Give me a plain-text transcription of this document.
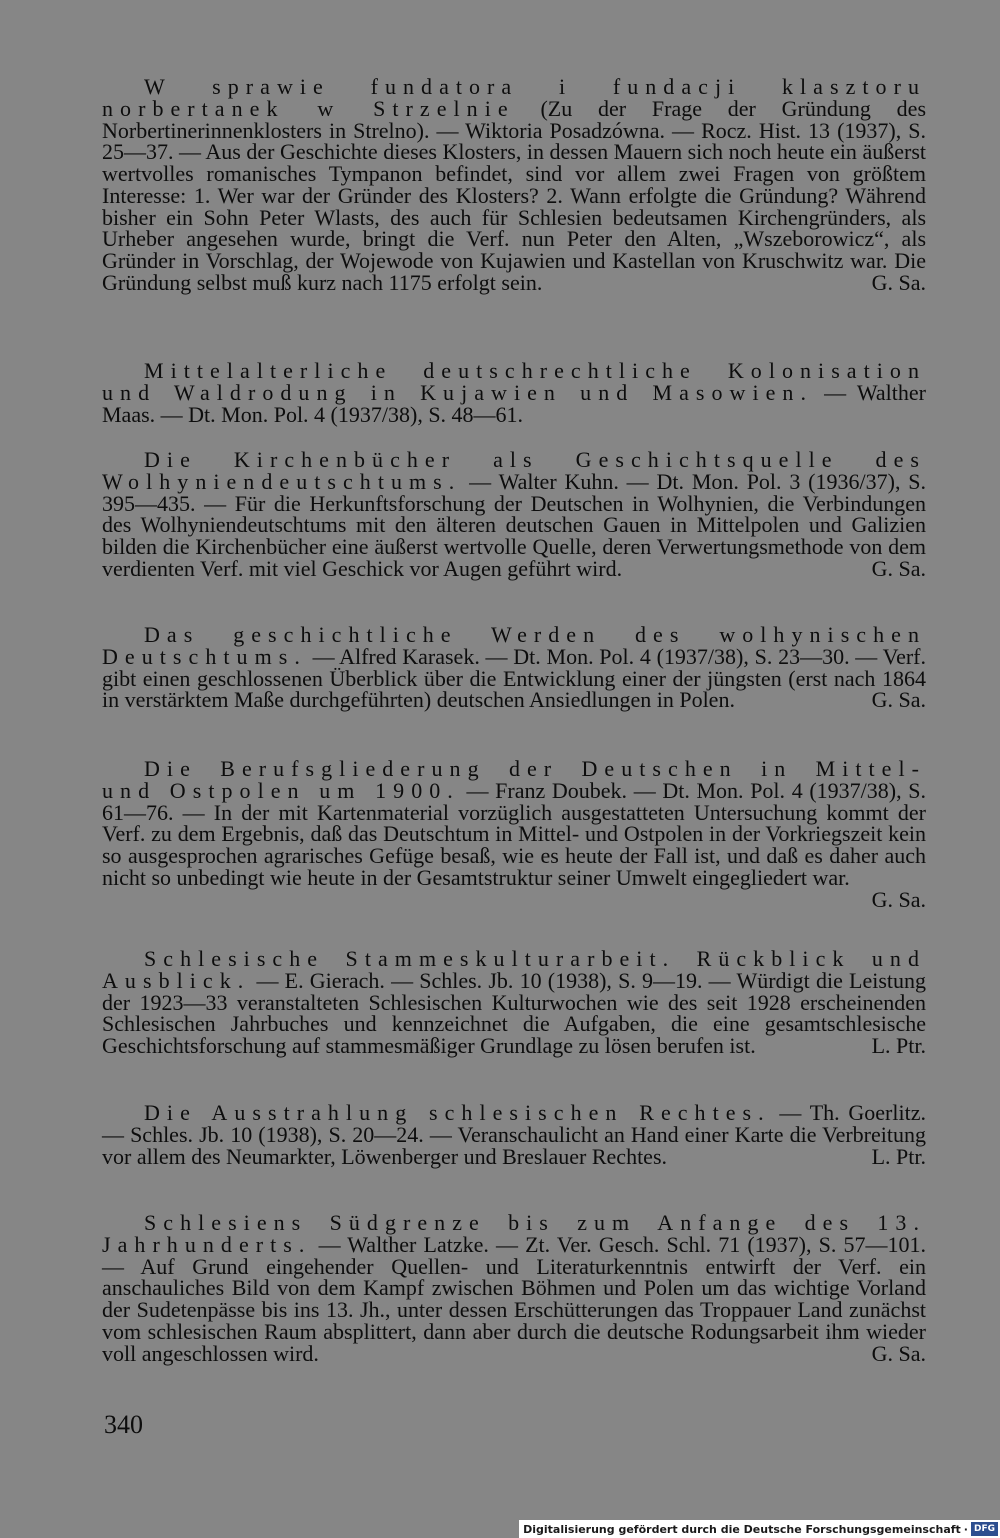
W sprawie fundatora i fundacji klasztoru norbertanek w Strzelnie (Zu der Frage der Gründung des Norbertinerinnenklosters in Strelno). — Wiktoria Posadzówna. — Rocz. Hist. 13 (1937), S. 25—37. — Aus der Geschichte dieses Klosters, in dessen Mauern sich noch heute ein äußerst wertvolles romanisches Tympanon befindet, sind vor allem zwei Fragen von größtem Interesse: 1. Wer war der Gründer des Klosters? 2. Wann erfolgte die Gründung? Während bisher ein Sohn Peter Wlasts, des auch für Schlesien bedeutsamen Kirchengründers, als Urheber angesehen wurde, bringt die Verf. nun Peter den Alten, „Wszeborowicz“, als Gründer in Vorschlag, der Wojewode von Kujawien und Kastellan von Kruschwitz war. Die Gründung selbst muß kurz nach 1175 erfolgt sein.	G. Sa.

Mittelalterliche deutschrechtliche Kolonisation und Waldrodung in Kujawien und Masowien. — Walther Maas. — Dt. Mon. Pol. 4 (1937/38), S. 48—61.

Die Kirchenbücher als Geschichtsquelle des Wolhyniendeutschtums. — Walter Kuhn. — Dt. Mon. Pol. 3 (1936/37), S. 395—435. — Für die Herkunftsforschung der Deutschen in Wolhynien, die Verbindungen des Wolhyniendeutschtums mit den älteren deutschen Gauen in Mittelpolen und Galizien bilden die Kirchenbücher eine äußerst wertvolle Quelle, deren Verwertungsmethode von dem verdienten Verf. mit viel Geschick vor Augen geführt wird.	G. Sa.

Das geschichtliche Werden des wolhynischen Deutschtums. — Alfred Karasek. — Dt. Mon. Pol. 4 (1937/38), S. 23—30. — Verf. gibt einen geschlossenen Überblick über die Entwicklung einer der jüngsten (erst nach 1864 in verstärktem Maße durchgeführten) deutschen Ansiedlungen in Polen.	G. Sa.

Die Berufsgliederung der Deutschen in Mittel- und Ostpolen um 1900. — Franz Doubek. — Dt. Mon. Pol. 4 (1937/38), S. 61—76. — In der mit Kartenmaterial vorzüglich ausgestatteten Untersuchung kommt der Verf. zu dem Ergebnis, daß das Deutschtum in Mittel- und Ostpolen in der Vorkriegszeit kein so ausgesprochen agrarisches Gefüge besaß, wie es heute der Fall ist, und daß es daher auch nicht so unbedingt wie heute in der Gesamtstruktur seiner Umwelt eingegliedert war.
G. Sa.

Schlesische Stammeskulturarbeit. Rückblick und Ausblick. — E. Gierach. — Schles. Jb. 10 (1938), S. 9—19. — Würdigt die Leistung der 1923—33 veranstalteten Schlesischen Kulturwochen wie des seit 1928 erscheinenden Schlesischen Jahrbuches und kennzeichnet die Aufgaben, die eine gesamtschlesische Geschichtsforschung auf stammesmäßiger Grundlage zu lösen berufen ist.	L. Ptr.

Die Ausstrahlung schlesischen Rechtes. — Th. Goerlitz. — Schles. Jb. 10 (1938), S. 20—24. — Veranschaulicht an Hand einer Karte die Verbreitung vor allem des Neumarkter, Löwenberger und Breslauer Rechtes.	L. Ptr.

Schlesiens Südgrenze bis zum Anfange des 13. Jahrhunderts. — Walther Latzke. — Zt. Ver. Gesch. Schl. 71 (1937), S. 57—101. — Auf Grund eingehender Quellen- und Literaturkenntnis entwirft der Verf. ein anschauliches Bild von dem Kampf zwischen Böhmen und Polen um das wichtige Vorland der Sudetenpässe bis ins 13. Jh., unter dessen Erschütterungen das Troppauer Land zunächst vom schlesischen Raum absplittert, dann aber durch die deutsche Rodungsarbeit ihm wieder voll angeschlossen wird.	G. Sa.

340
Digitalisierung gefördert durch die Deutsche Forschungsgemeinschaft · DFG
